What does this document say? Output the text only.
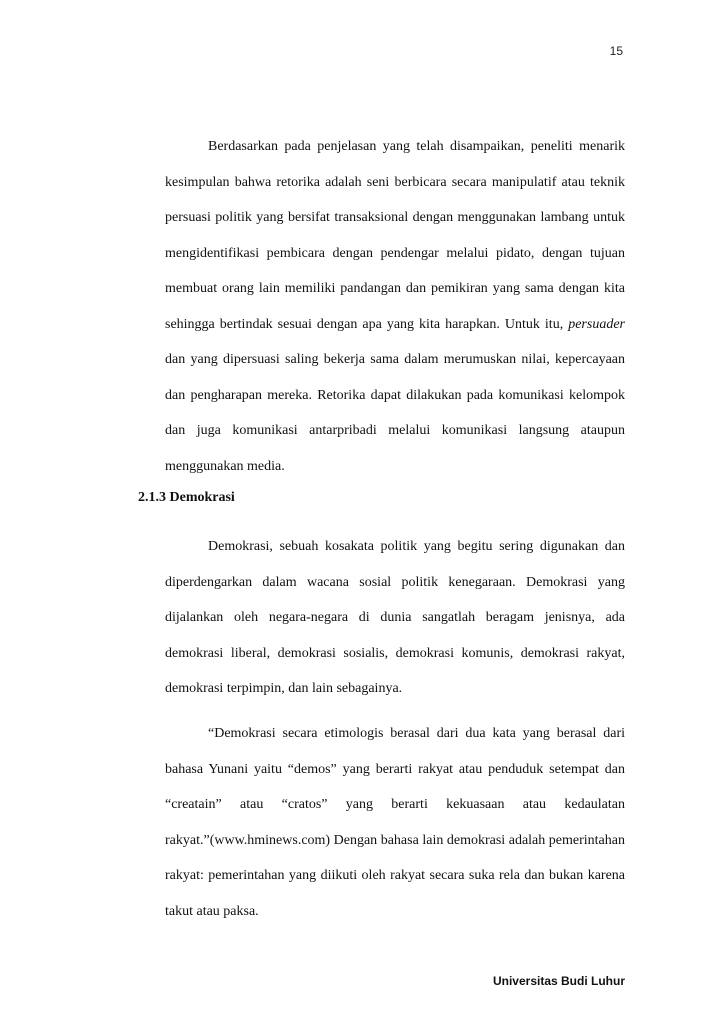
15

Berdasarkan pada penjelasan yang telah disampaikan, peneliti menarik kesimpulan bahwa retorika adalah seni berbicara secara manipulatif atau teknik persuasi politik yang bersifat transaksional dengan menggunakan lambang untuk mengidentifikasi pembicara dengan pendengar melalui pidato, dengan tujuan membuat orang lain memiliki pandangan dan pemikiran yang sama dengan kita sehingga bertindak sesuai dengan apa yang kita harapkan. Untuk itu, persuader dan yang dipersuasi saling bekerja sama dalam merumuskan nilai, kepercayaan dan pengharapan mereka. Retorika dapat dilakukan pada komunikasi kelompok dan juga komunikasi antarpribadi melalui komunikasi langsung ataupun menggunakan media.

2.1.3 Demokrasi

Demokrasi, sebuah kosakata politik yang begitu sering digunakan dan diperdengarkan dalam wacana sosial politik kenegaraan. Demokrasi yang dijalankan oleh negara-negara di dunia sangatlah beragam jenisnya, ada demokrasi liberal, demokrasi sosialis, demokrasi komunis, demokrasi rakyat, demokrasi terpimpin, dan lain sebagainya.

“Demokrasi secara etimologis berasal dari dua kata yang berasal dari bahasa Yunani yaitu “demos” yang berarti rakyat atau penduduk setempat dan “creatain” atau “cratos” yang berarti kekuasaan atau kedaulatan rakyat.”(www.hminews.com) Dengan bahasa lain demokrasi adalah pemerintahan rakyat: pemerintahan yang diikuti oleh rakyat secara suka rela dan bukan karena takut atau paksa.

Universitas Budi Luhur
